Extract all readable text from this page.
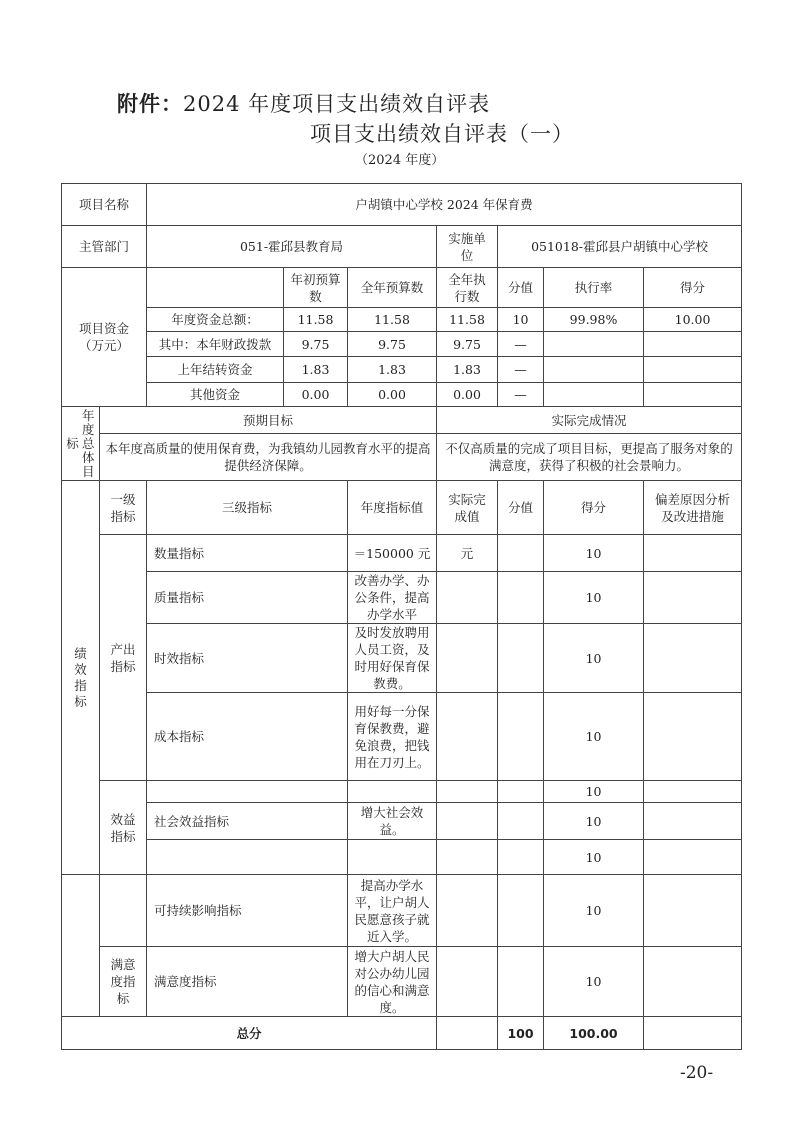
附件：2024 年度项目支出绩效自评表
项目支出绩效自评表（一）
（2024 年度）
项目名称		户胡镇中心学校 2024 年保育费						
主管部门		051-霍邱县教育局			实施单位	051018-霍邱县户胡镇中心学校		
项目资金（万元）			年初预算数	全年预算数	全年执行数	分值	执行率	得分
		年度资金总额：	11.58	11.58	11.58	10	99.98%	10.00
		其中：本年财政拨款	9.75	9.75	9.75	—		
		上年结转资金	1.83	1.83	1.83	—		
		其他资金	0.00	0.00	0.00	—		

标
年度总体目	预期目标				实际完成情况			
	本年度高质量的使用保育费，为我镇幼儿园教育水平的提高提供经济保障。				不仅高质量的完成了项目目标，更提高了服务对象的满意度，获得了积极的社会景响力。			
绩效指标	一级指标	三级指标		年度指标值	实际完成值	分值	得分	偏差原因分析及改进措施
	产出指标	数量指标		＝150000 元	元		10	
		质量指标		改善办学、办公条件，提高办学水平			10	
		时效指标		及时发放聘用人员工资，及时用好保育保教费。			10	
		成本指标		用好每一分保育保教费，避免浪费，把钱用在刀刃上。			10	
	效益指标						10	
		社会效益指标		增大社会效益。			10	
							10	
		可持续影响指标		提高办学水平，让户胡人民愿意孩子就近入学。			10	
	满意度指标	满意度指标		增大户胡人民对公办幼儿园的信心和满意度。			10	
总分						100	100.00	
-20-
